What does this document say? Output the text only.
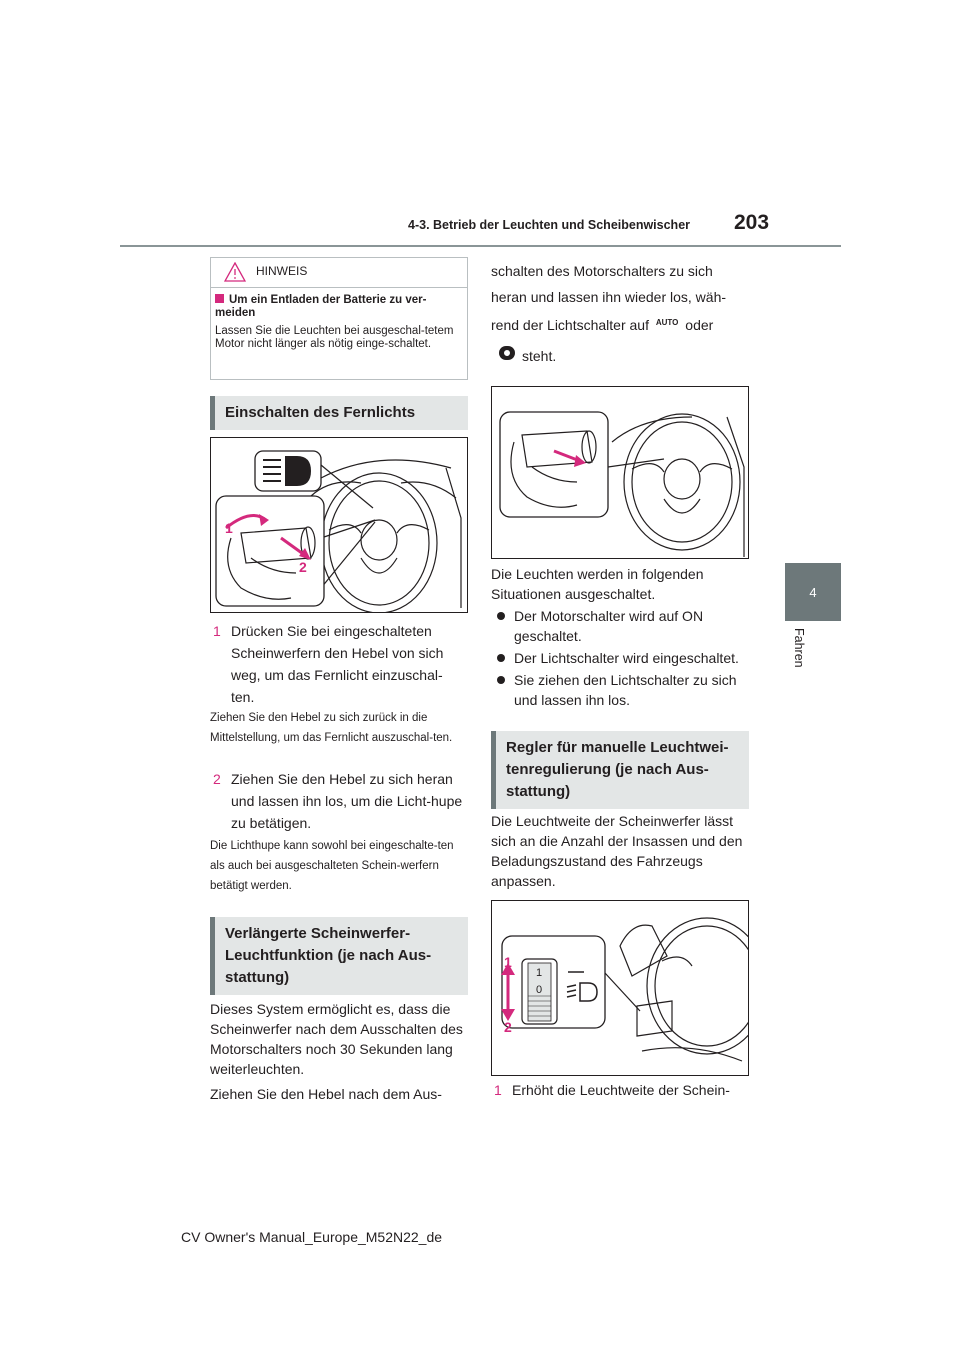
4-3. Betrieb der Leuchten und Scheibenwischer 203
4
Fahren
HINWEIS
Um ein Entladen der Batterie zu ver-meiden
Lassen Sie die Leuchten bei ausgeschal-tetem Motor nicht länger als nötig einge-schaltet.
Einschalten des Fernlichts
1
2
1 Drücken Sie bei eingeschalteten Scheinwerfern den Hebel von sich weg, um das Fernlicht einzuschal-ten.
Ziehen Sie den Hebel zu sich zurück in die Mittelstellung, um das Fernlicht auszuschal-ten.
2 Ziehen Sie den Hebel zu sich heran und lassen ihn los, um die Licht-hupe zu betätigen.
Die Lichthupe kann sowohl bei eingeschalte-ten als auch bei ausgeschalteten Schein-werfern betätigt werden.
Verlängerte Scheinwerfer-Leuchtfunktion (je nach Aus-stattung)
Dieses System ermöglicht es, dass die Scheinwerfer nach dem Ausschalten des Motorschalters noch 30 Sekunden lang weiterleuchten.
Ziehen Sie den Hebel nach dem Aus-
schalten des Motorschalters zu sich heran und lassen ihn wieder los, wäh-rend der Lichtschalter auf $^{AUTO}$ oder
steht.
Die Leuchten werden in folgenden Situationen ausgeschaltet.
Der Motorschalter wird auf ON geschaltet.
Der Lichtschalter wird eingeschaltet.
Sie ziehen den Lichtschalter zu sich und lassen ihn los.
Regler für manuelle Leuchtwei-tenregulierung (je nach Aus-stattung)
Die Leuchtweite der Scheinwerfer lässt sich an die Anzahl der Insassen und den Beladungszustand des Fahrzeugs anpassen.
1
0
1
2
1 Erhöht die Leuchtweite der Schein-
CV Owner's Manual_Europe_M52N22_de
